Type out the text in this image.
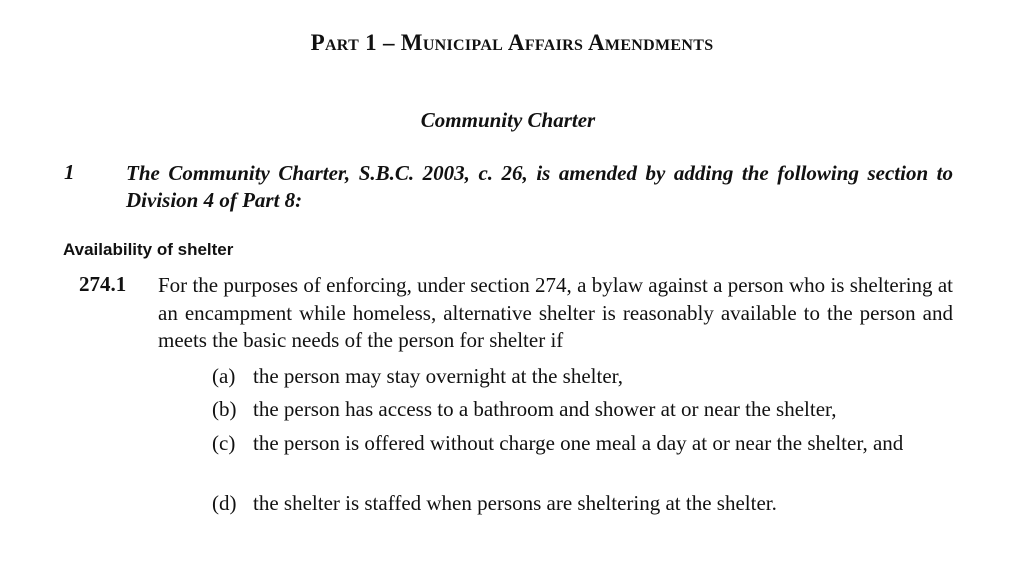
Part 1 – Municipal Affairs Amendments
Community Charter
1 The Community Charter, S.B.C. 2003, c. 26, is amended by adding the following section to Division 4 of Part 8:
Availability of shelter
274.1 For the purposes of enforcing, under section 274, a bylaw against a person who is sheltering at an encampment while homeless, alternative shelter is reasonably available to the person and meets the basic needs of the person for shelter if
(a) the person may stay overnight at the shelter,
(b) the person has access to a bathroom and shower at or near the shelter,
(c) the person is offered without charge one meal a day at or near the shelter, and
(d) the shelter is staffed when persons are sheltering at the shelter.
